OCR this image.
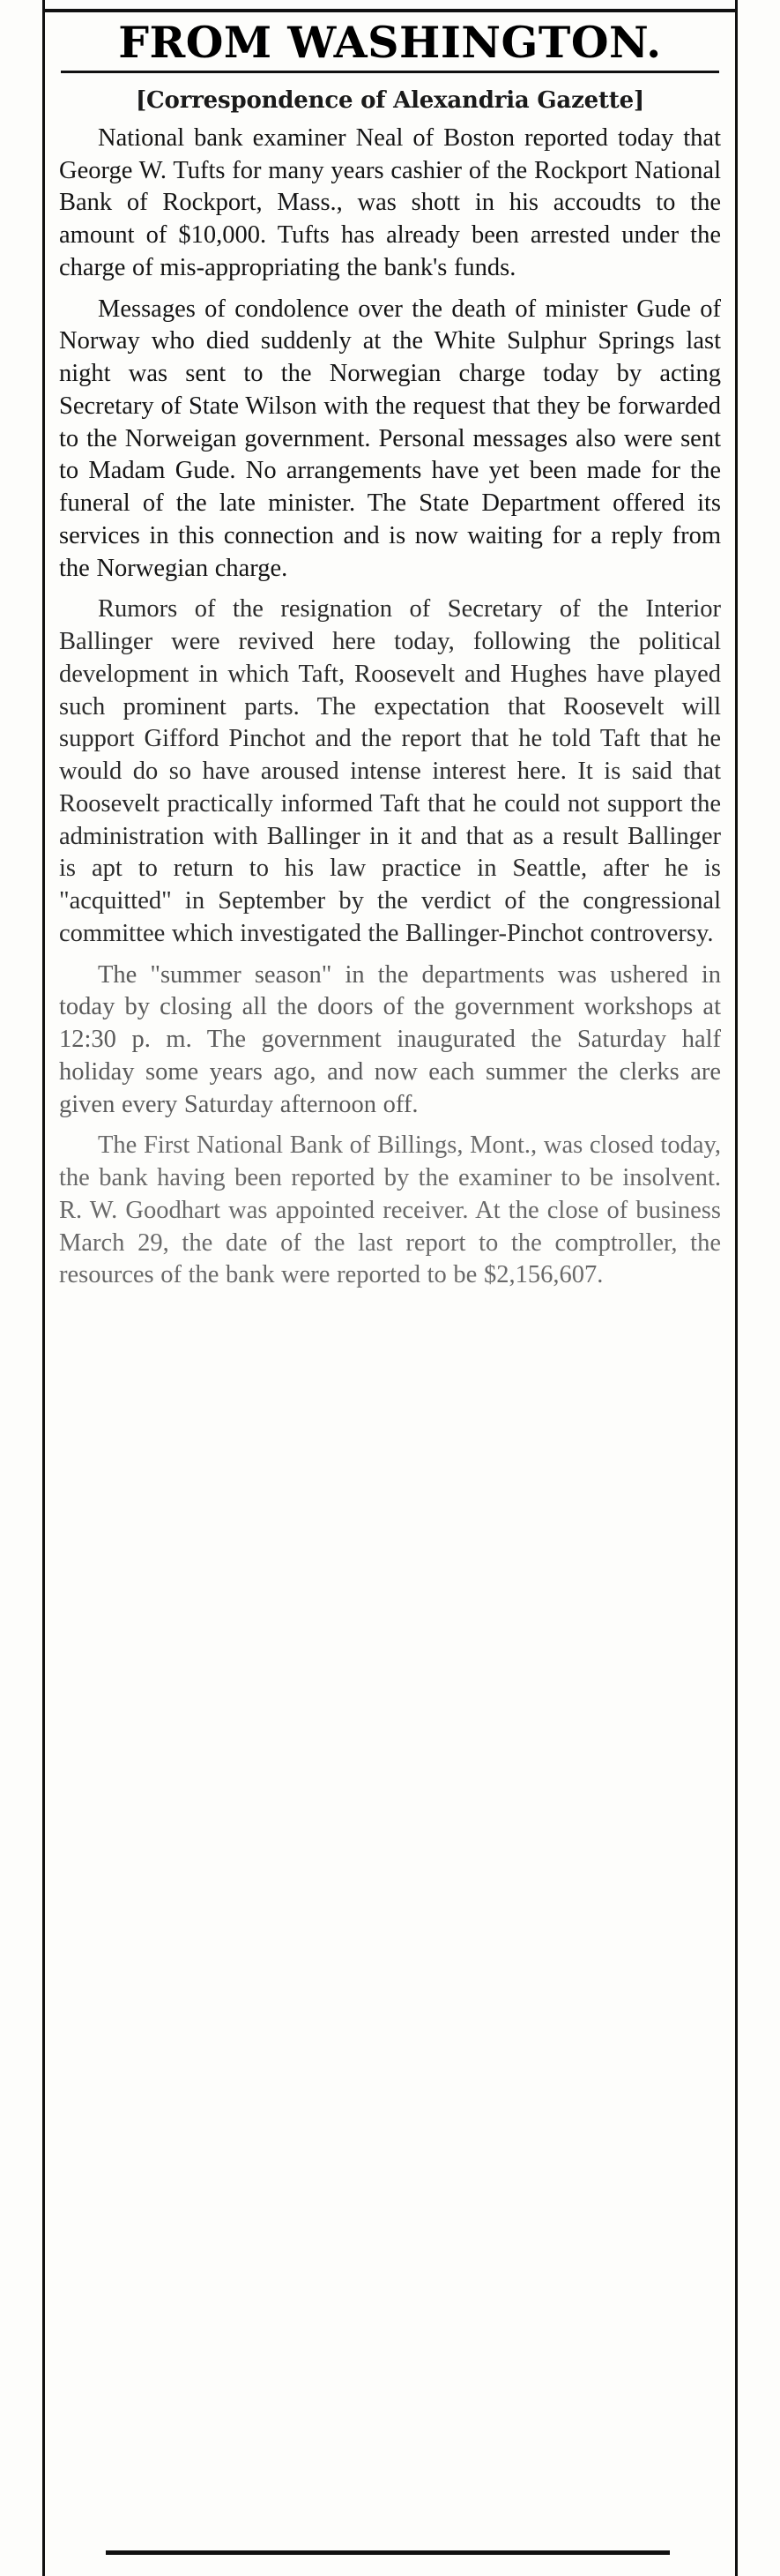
FROM WASHINGTON.
[Correspondence of Alexandria Gazette]

National bank examiner Neal of Boston reported today that George W. Tufts for many years cashier of the Rockport National Bank of Rockport, Mass., was shott in his accoudts to the amount of $10,000. Tufts has already been arrested under the charge of mis-appropriating the bank's funds.

Messages of condolence over the death of minister Gude of Norway who died suddenly at the White Sulphur Springs last night was sent to the Norwegian charge today by acting Secretary of State Wilson with the request that they be forwarded to the Norweigan government. Personal messages also were sent to Madam Gude. No arrangements have yet been made for the funeral of the late minister. The State Department offered its services in this connection and is now waiting for a reply from the Norwegian charge.

Rumors of the resignation of Secretary of the Interior Ballinger were revived here today, following the political development in which Taft, Roosevelt and Hughes have played such prominent parts. The expectation that Roosevelt will support Gifford Pinchot and the report that he told Taft that he would do so have aroused intense interest here. It is said that Roosevelt practically informed Taft that he could not support the administration with Ballinger in it and that as a result Ballinger is apt to return to his law practice in Seattle, after he is "acquitted" in September by the verdict of the congressional committee which investigated the Ballinger-Pinchot controversy.

The "summer season" in the departments was ushered in today by closing all the doors of the government workshops at 12:30 p. m. The government inaugurated the Saturday half holiday some years ago, and now each summer the clerks are given every Saturday afternoon off.

The First National Bank of Billings, Mont., was closed today, the bank having been reported by the examiner to be insolvent. R. W. Goodhart was appointed receiver. At the close of business March 29, the date of the last report to the comptroller, the resources of the bank were reported to be $2,156,607.
